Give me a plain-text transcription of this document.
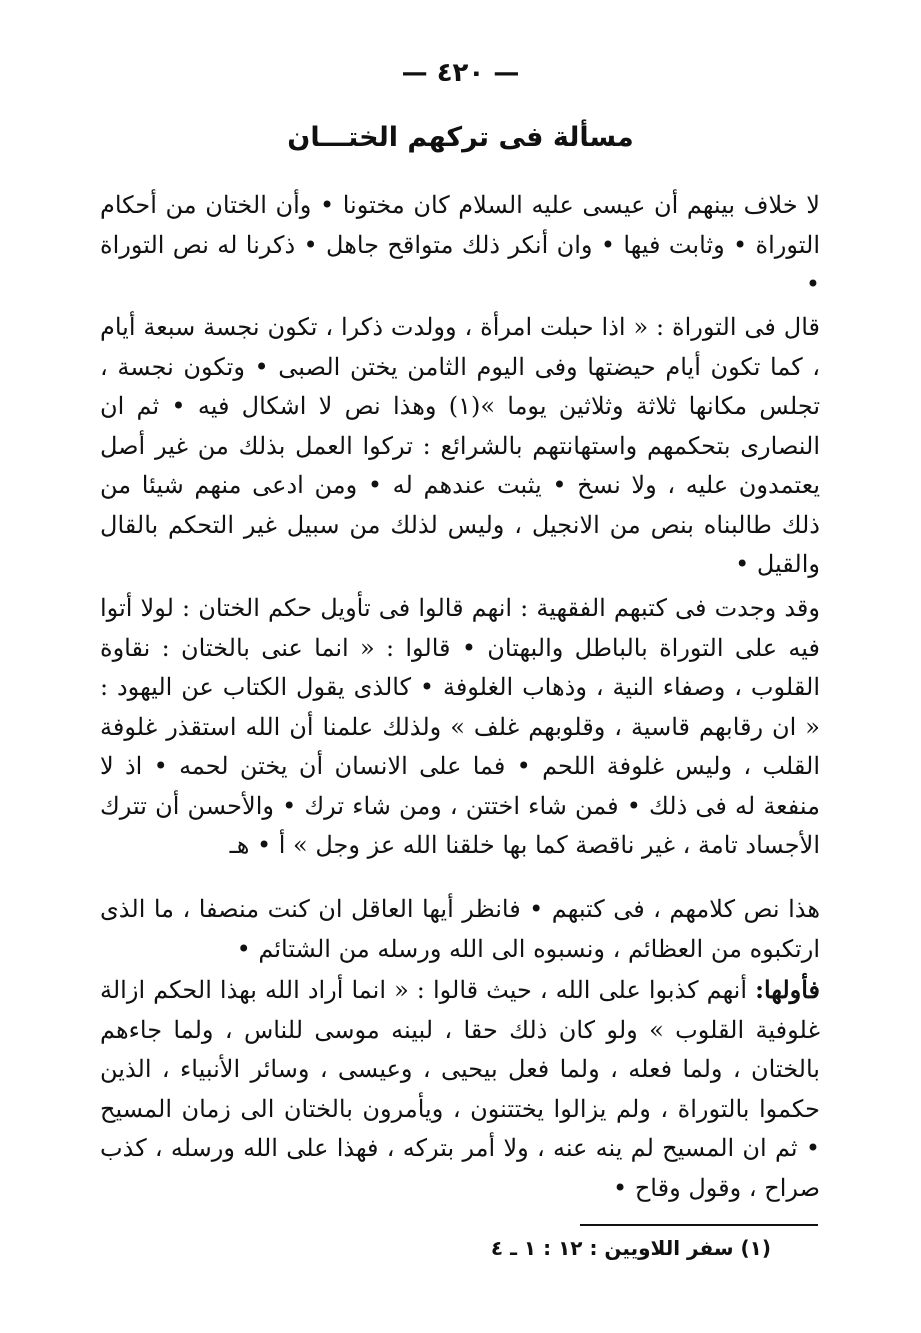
— ٤٢٠ —
مسألة فى تركهم الختـــان

لا خلاف بينهم أن عيسى عليه السلام كان مختونا • وأن الختان من أحكام التوراة • وثابت فيها • وان أنكر ذلك متواقح جاهل • ذكرنا له نص التوراة •

قال فى التوراة : « اذا حبلت امرأة ، وولدت ذكرا ، تكون نجسة سبعة أيام ، كما تكون أيام حيضتها وفى اليوم الثامن يختن الصبى • وتكون نجسة ، تجلس مكانها ثلاثة وثلاثين يوما »(١) وهذا نص لا اشكال فيه • ثم ان النصارى بتحكمهم واستهانتهم بالشرائع : تركوا العمل بذلك من غير أصل يعتمدون عليه ، ولا نسخ • يثبت عندهم له • ومن ادعى منهم شيئا من ذلك طالبناه بنص من الانجيل ، وليس لذلك من سبيل غير التحكم بالقال والقيل •

وقد وجدت فى كتبهم الفقهية : انهم قالوا فى تأويل حكم الختان : لولا أتوا فيه على التوراة بالباطل والبهتان • قالوا : « انما عنى بالختان : نقاوة القلوب ، وصفاء النية ، وذهاب الغلوفة • كالذى يقول الكتاب عن اليهود : « ان رقابهم قاسية ، وقلوبهم غلف » ولذلك علمنا أن الله استقذر غلوفة القلب ، وليس غلوفة اللحم • فما على الانسان أن يختن لحمه • اذ لا منفعة له فى ذلك • فمن شاء اختتن ، ومن شاء ترك • والأحسن أن تترك الأجساد تامة ، غير ناقصة كما بها خلقنا الله عز وجل » أ • هـ

هذا نص كلامهم ، فى كتبهم • فانظر أيها العاقل ان كنت منصفا ، ما الذى ارتكبوه من العظائم ، ونسبوه الى الله ورسله من الشتائم •

فأولها: أنهم كذبوا على الله ، حيث قالوا : « انما أراد الله بهذا الحكم ازالة غلوفية القلوب » ولو كان ذلك حقا ، لبينه موسى للناس ، ولما جاءهم بالختان ، ولما فعله ، ولما فعل بيحيى ، وعيسى ، وسائر الأنبياء ، الذين حكموا بالتوراة ، ولم يزالوا يختتنون ، ويأمرون بالختان الى زمان المسيح • ثم ان المسيح لم ينه عنه ، ولا أمر بتركه ، فهذا على الله ورسله ، كذب صراح ، وقول وقاح •

(١) سفر اللاويين : ١٢ : ١ ـ ٤
